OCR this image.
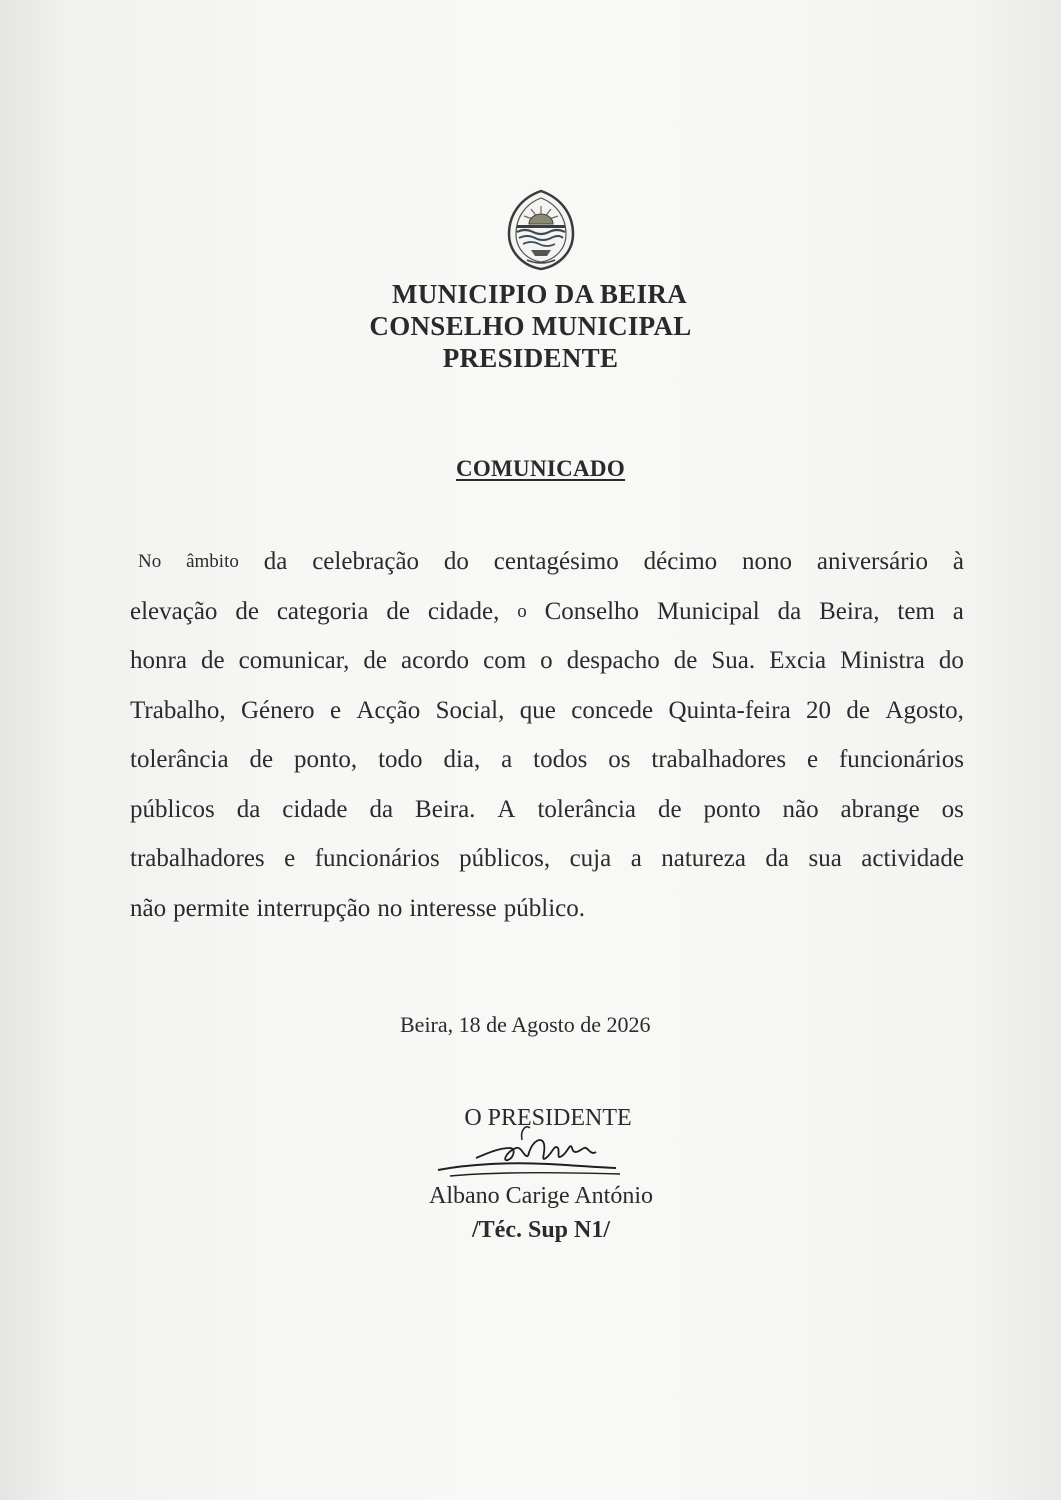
MUNICIPIO DA BEIRA
CONSELHO MUNICIPAL
PRESIDENTE
COMUNICADO
No âmbito da celebração do centagésimo décimo nono aniversário à
elevação de categoria de cidade, o Conselho Municipal da Beira, tem a
honra de comunicar, de acordo com o despacho de Sua. Excia Ministra do
Trabalho, Género e Acção Social, que concede Quinta-feira 20 de Agosto,
tolerância de ponto, todo dia, a todos os trabalhadores e funcionários
públicos da cidade da Beira. A tolerância de ponto não abrange os
trabalhadores e funcionários públicos, cuja a natureza da sua actividade
não permite interrupção no interesse público.
Beira, 18 de Agosto de 2026
O PRESIDENTE
Albano Carige António
/Téc. Sup N1/
